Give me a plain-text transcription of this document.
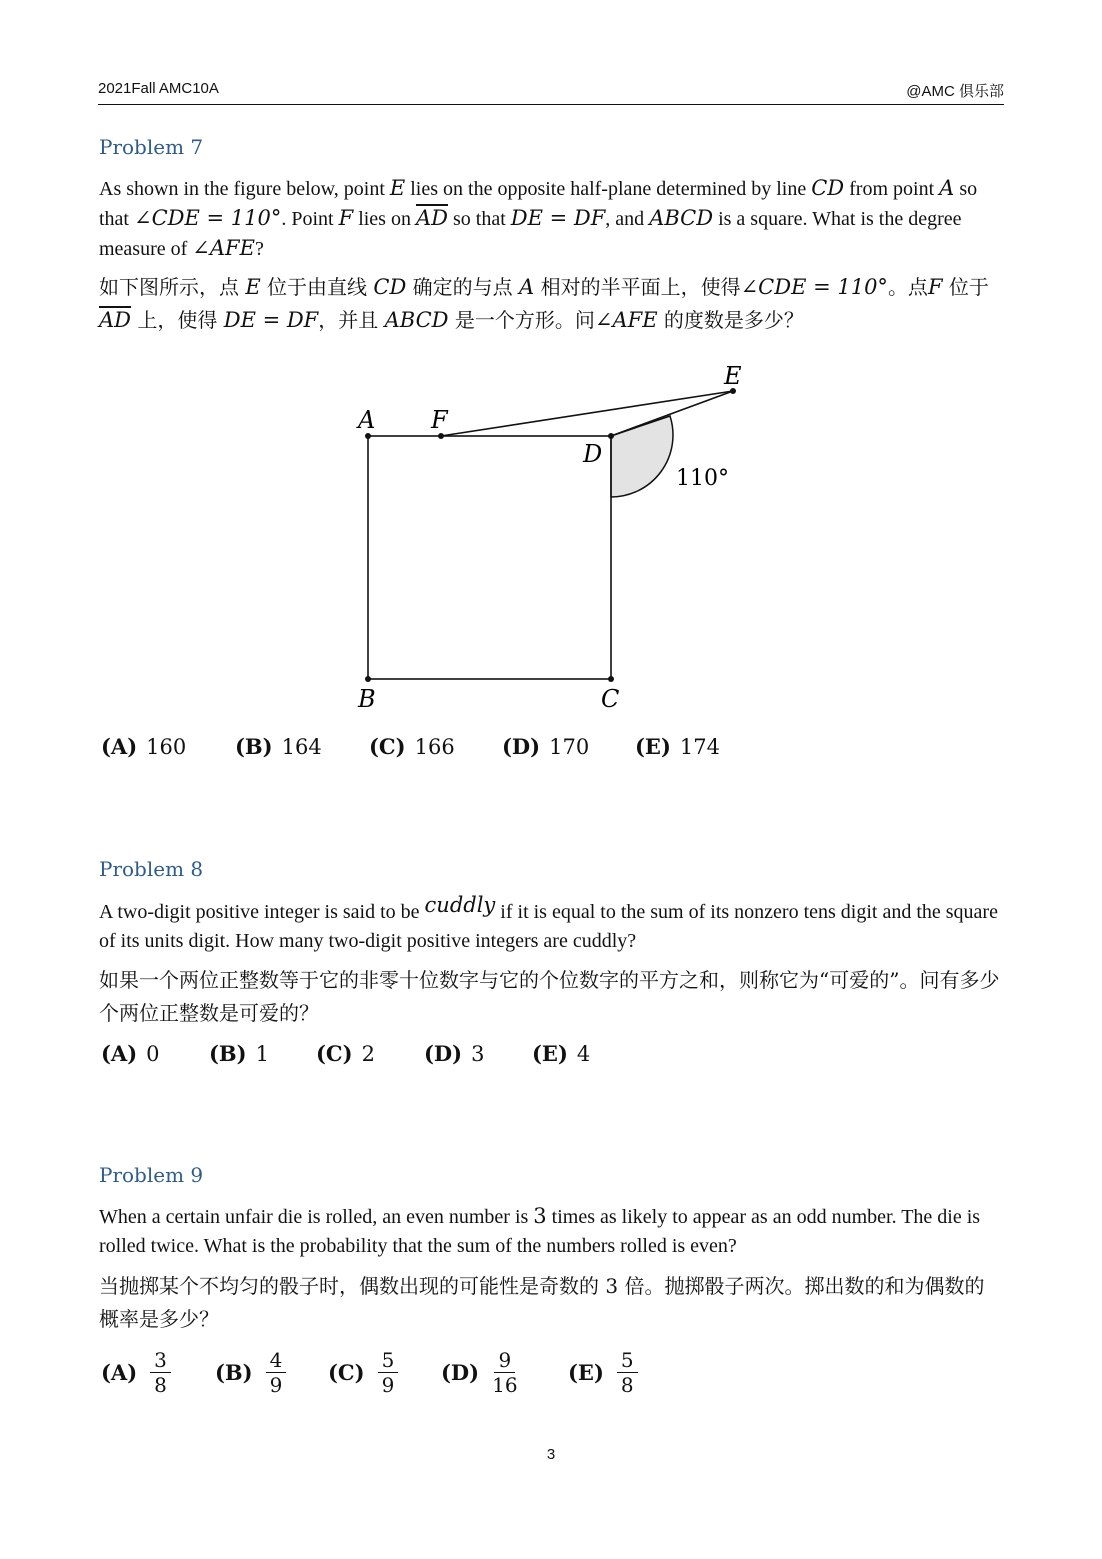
2021Fall AMC10A	@AMC 俱乐部
Problem 7
As shown in the figure below, point E lies on the opposite half-plane determined by line CD from point A so that ∠CDE = 110°. Point F lies on $\overline{AD}$ so that DE = DF, and ABCD is a square. What is the degree measure of ∠AFE?
如下图所示，点 E 位于由直线 CD 确定的与点 A 相对的半平面上，使得∠CDE = 110°。点F 位于 $\overline{AD}$ 上，使得 DE = DF，并且 ABCD 是一个方形。问∠AFE 的度数是多少？
A F
D
E
B	C
110°
(A) 160 (B) 164 (C) 166 (D) 170 (E) 174
Problem 8
A two-digit positive integer is said to be cuddly if it is equal to the sum of its nonzero tens digit and the square of its units digit. How many two-digit positive integers are cuddly?
如果一个两位正整数等于它的非零十位数字与它的个位数字的平方之和，则称它为“可爱的”。问有多少个两位正整数是可爱的？
(A) 0 (B) 1 (C) 2 (D) 3 (E) 4
Problem 9
When a certain unfair die is rolled, an even number is 3 times as likely to appear as an odd number. The die is rolled twice. What is the probability that the sum of the numbers rolled is even?
当抛掷某个不均匀的骰子时，偶数出现的可能性是奇数的 3 倍。抛掷骰子两次。掷出数的和为偶数的概率是多少？
$(A) \frac{3}{8} (B) \frac{4}{9} (C) \frac{5}{9} (D) \frac{9}{16} (E) \frac{5}{8}$
3
